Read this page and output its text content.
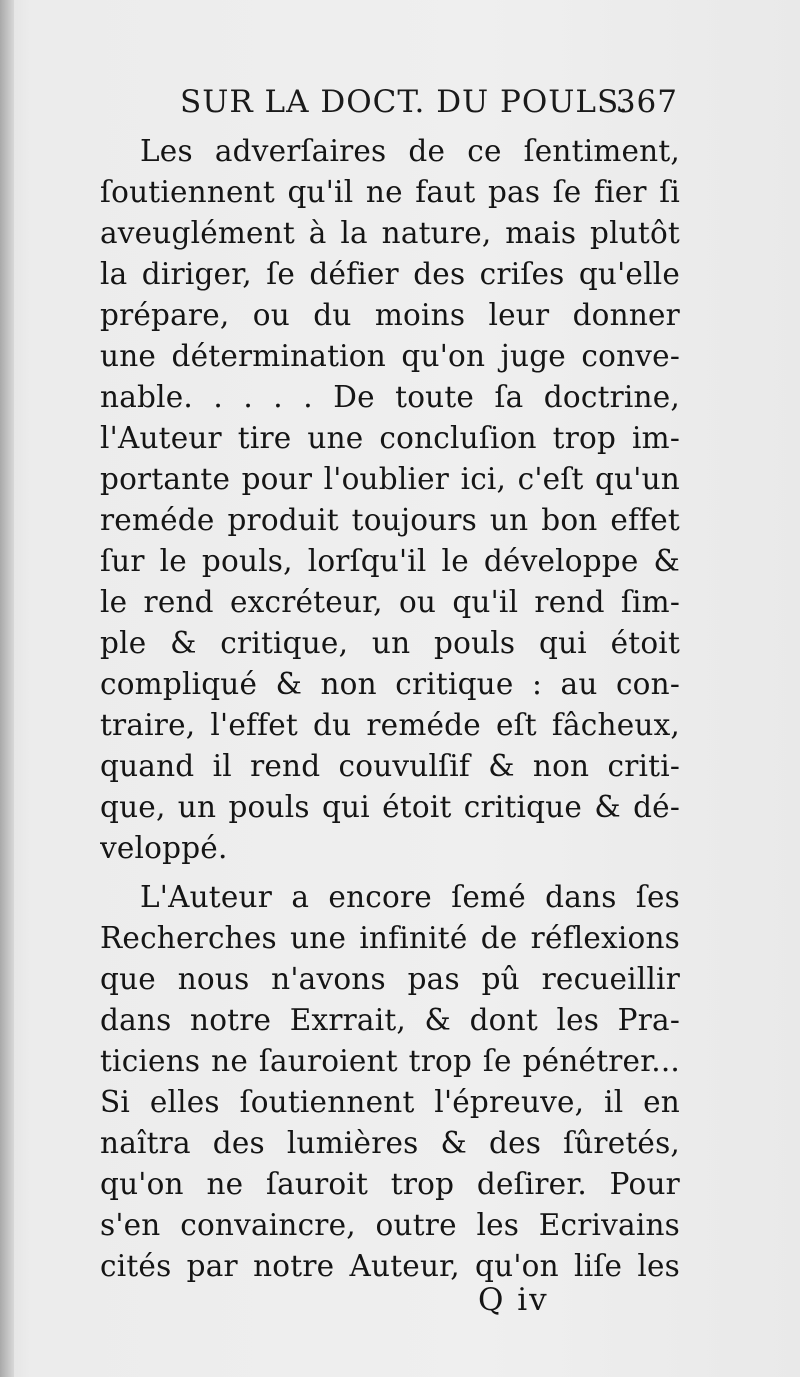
SUR LA DOCT. DU POULS.
367
Les adverſaires de ce ſentiment,
ſoutiennent qu'il ne faut pas ſe fier ſi
aveuglément à la nature, mais plutôt
la diriger, ſe défier des criſes qu'elle
prépare, ou du moins leur donner
une détermination qu'on juge conve-
nable. . . . . De toute ſa doctrine,
l'Auteur tire une concluſion trop im-
portante pour l'oublier ici, c'eſt qu'un
reméde produit toujours un bon effet
ſur le pouls, lorſqu'il le développe &
le rend excréteur, ou qu'il rend ſim-
ple & critique, un pouls qui étoit
compliqué & non critique : au con-
traire, l'effet du reméde eſt fâcheux,
quand il rend couvulſif & non criti-
que, un pouls qui étoit critique & dé-
veloppé.
L'Auteur a encore ſemé dans ſes
Recherches une infinité de réflexions
que nous n'avons pas pû recueillir
dans notre Exrrait, & dont les Pra-
ticiens ne ſauroient trop ſe pénétrer...
Si elles ſoutiennent l'épreuve, il en
naîtra des lumières & des ſûretés,
qu'on ne ſauroit trop deſirer. Pour
s'en convaincre, outre les Ecrivains
cités par notre Auteur, qu'on liſe les
Q iv
